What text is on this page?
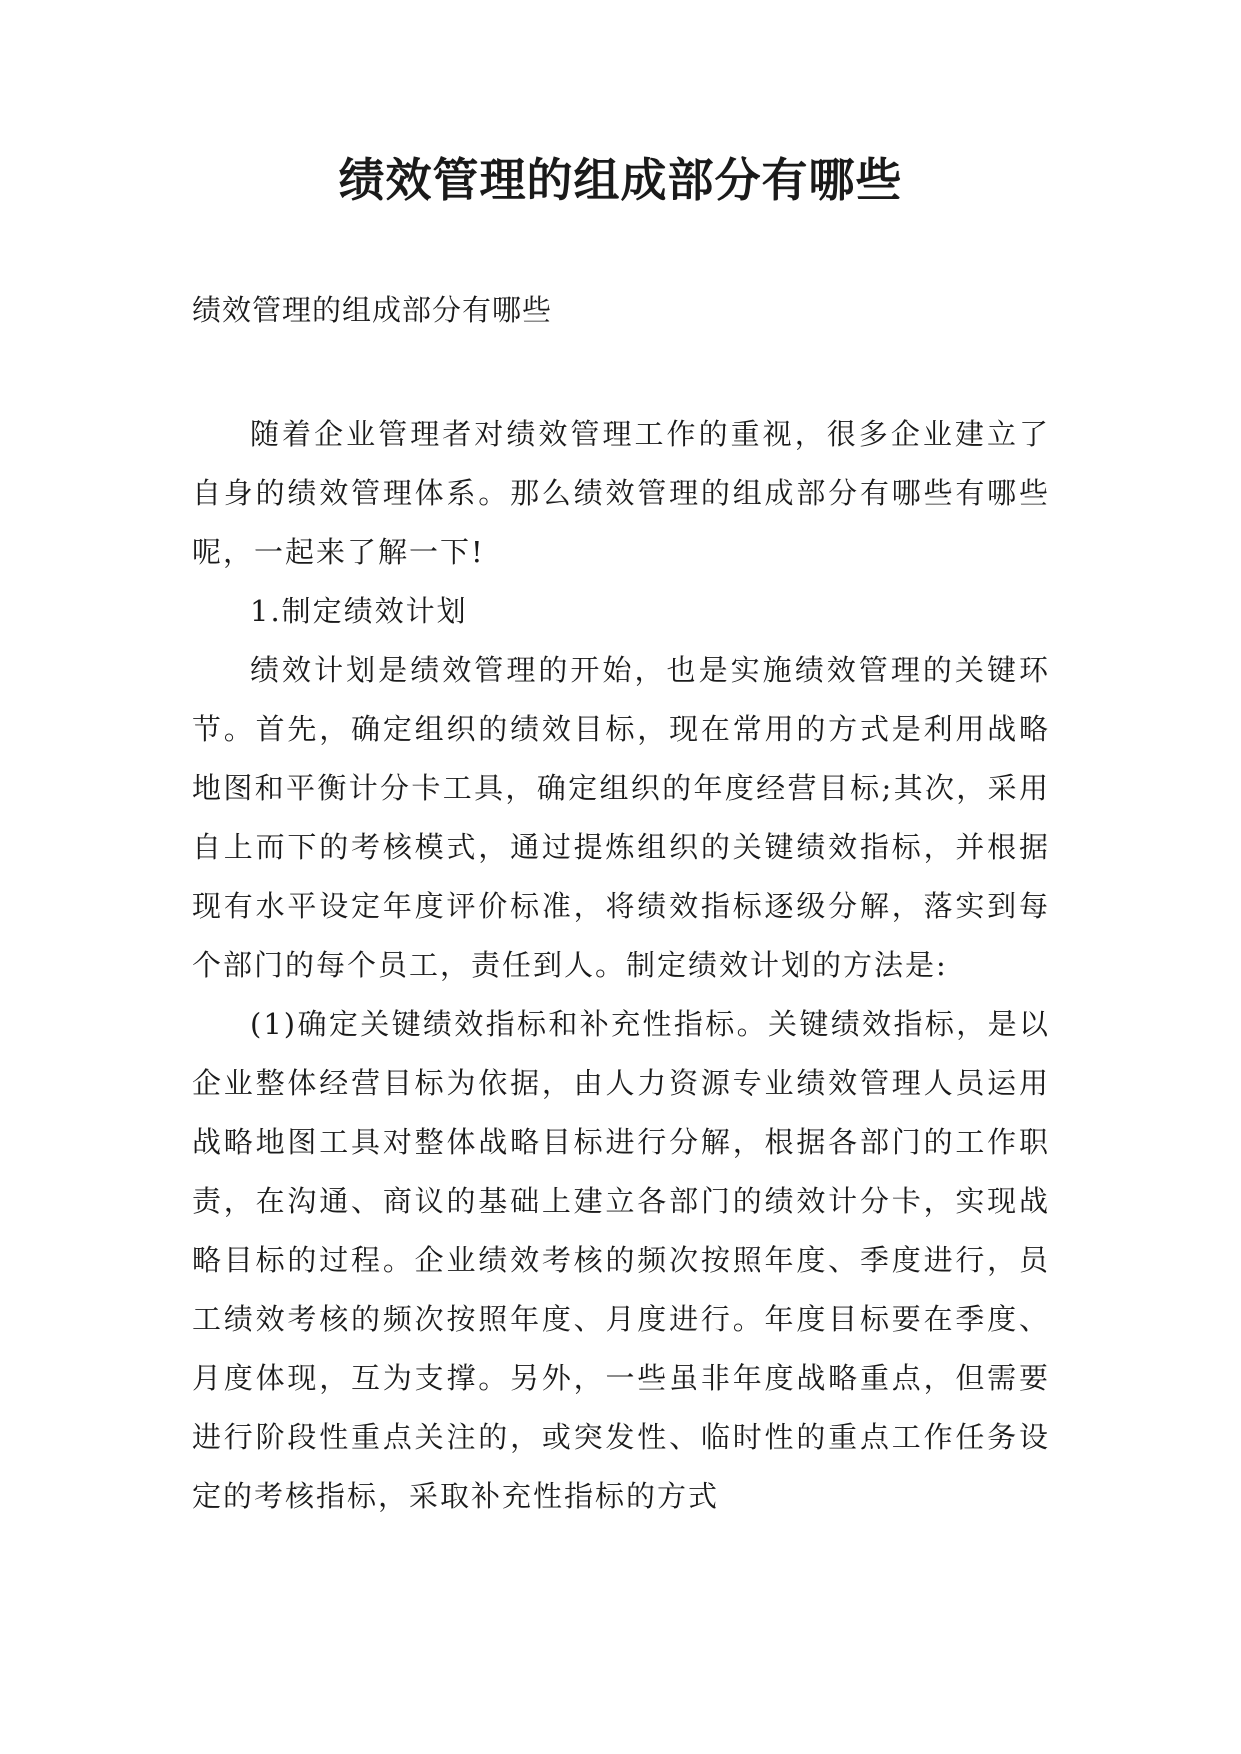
绩效管理的组成部分有哪些
绩效管理的组成部分有哪些

随着企业管理者对绩效管理工作的重视，很多企业建立了自身的绩效管理体系。那么绩效管理的组成部分有哪些有哪些呢，一起来了解一下!

1.制定绩效计划

绩效计划是绩效管理的开始，也是实施绩效管理的关键环节。首先，确定组织的绩效目标，现在常用的方式是利用战略地图和平衡计分卡工具，确定组织的年度经营目标;其次，采用自上而下的考核模式，通过提炼组织的关键绩效指标，并根据现有水平设定年度评价标准，将绩效指标逐级分解，落实到每个部门的每个员工，责任到人。制定绩效计划的方法是:

(1)确定关键绩效指标和补充性指标。关键绩效指标，是以企业整体经营目标为依据，由人力资源专业绩效管理人员运用战略地图工具对整体战略目标进行分解，根据各部门的工作职责，在沟通、商议的基础上建立各部门的绩效计分卡，实现战略目标的过程。企业绩效考核的频次按照年度、季度进行，员工绩效考核的频次按照年度、月度进行。年度目标要在季度、月度体现，互为支撑。另外，一些虽非年度战略重点，但需要进行阶段性重点关注的，或突发性、临时性的重点工作任务设定的考核指标，采取补充性指标的方式
